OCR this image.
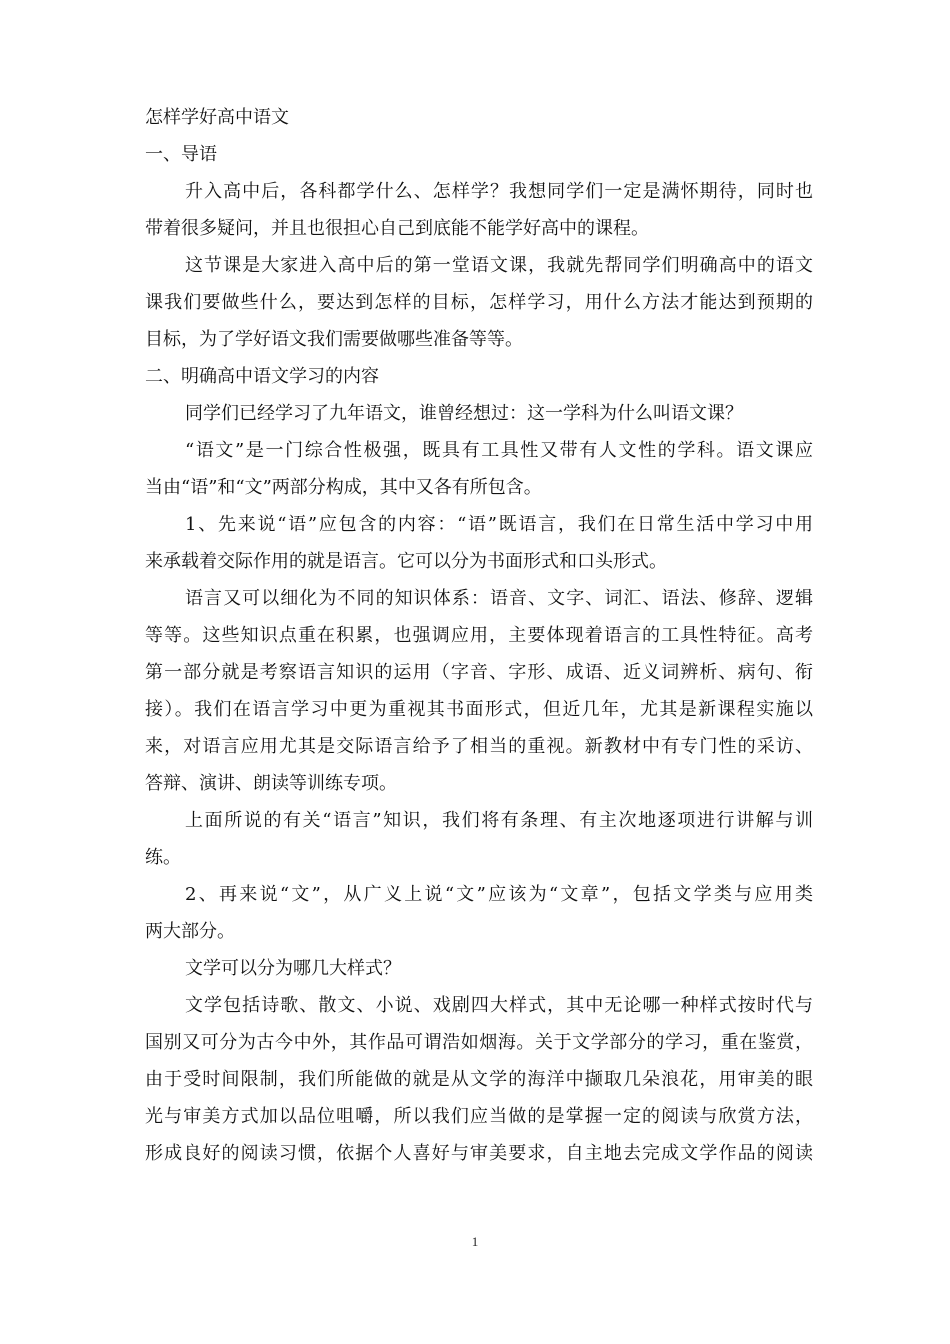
怎样学好高中语文
一、导语
升入高中后，各科都学什么、怎样学？我想同学们一定是满怀期待，同时也
带着很多疑问，并且也很担心自己到底能不能学好高中的课程。
这节课是大家进入高中后的第一堂语文课，我就先帮同学们明确高中的语文
课我们要做些什么，要达到怎样的目标，怎样学习，用什么方法才能达到预期的
目标，为了学好语文我们需要做哪些准备等等。
二、明确高中语文学习的内容
同学们已经学习了九年语文，谁曾经想过：这一学科为什么叫语文课？
“语文”是一门综合性极强，既具有工具性又带有人文性的学科。语文课应
当由“语”和“文”两部分构成，其中又各有所包含。
1、先来说“语”应包含的内容：“语”既语言，我们在日常生活中学习中用
来承载着交际作用的就是语言。它可以分为书面形式和口头形式。
语言又可以细化为不同的知识体系：语音、文字、词汇、语法、修辞、逻辑
等等。这些知识点重在积累，也强调应用，主要体现着语言的工具性特征。高考
第一部分就是考察语言知识的运用（字音、字形、成语、近义词辨析、病句、衔
接）。我们在语言学习中更为重视其书面形式，但近几年，尤其是新课程实施以
来，对语言应用尤其是交际语言给予了相当的重视。新教材中有专门性的采访、
答辩、演讲、朗读等训练专项。
上面所说的有关“语言”知识，我们将有条理、有主次地逐项进行讲解与训
练。
2、再来说“文”，从广义上说“文”应该为“文章”，包括文学类与应用类
两大部分。
文学可以分为哪几大样式？
文学包括诗歌、散文、小说、戏剧四大样式，其中无论哪一种样式按时代与
国别又可分为古今中外，其作品可谓浩如烟海。关于文学部分的学习，重在鉴赏，
由于受时间限制，我们所能做的就是从文学的海洋中撷取几朵浪花，用审美的眼
光与审美方式加以品位咀嚼，所以我们应当做的是掌握一定的阅读与欣赏方法，
形成良好的阅读习惯，依据个人喜好与审美要求，自主地去完成文学作品的阅读
1
